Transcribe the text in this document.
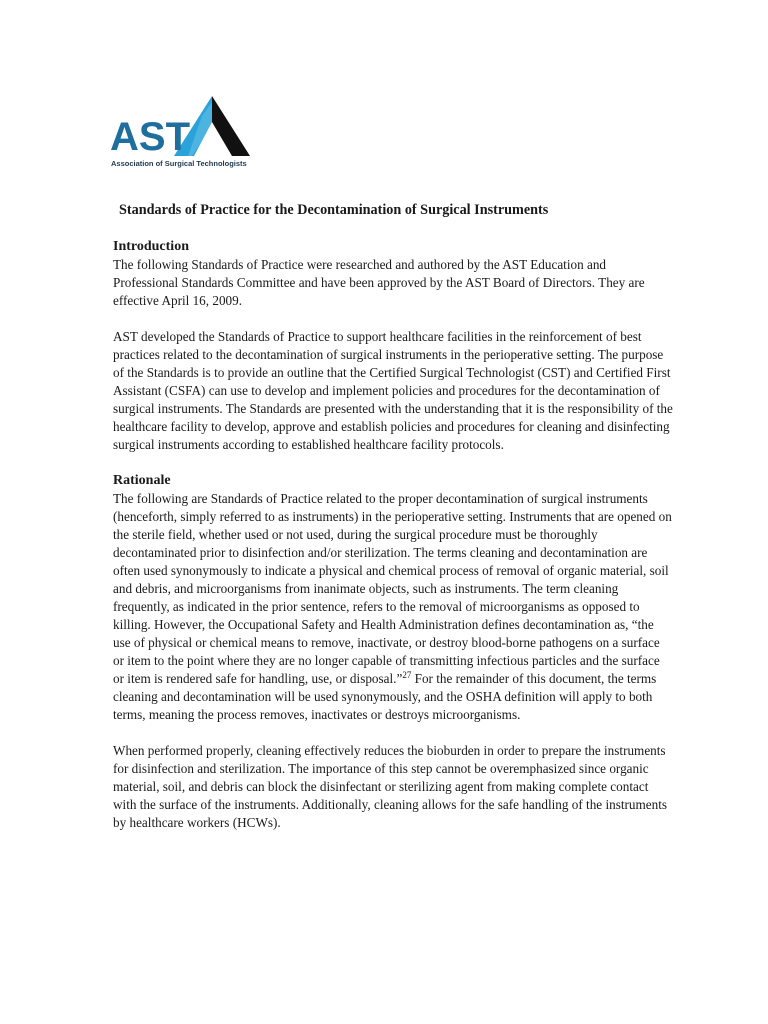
AST
Association of Surgical Technologists
Standards of Practice for the Decontamination of Surgical Instruments
Introduction

The following Standards of Practice were researched and authored by the AST Education and Professional Standards Committee and have been approved by the AST Board of Directors. They are effective April 16, 2009.

AST developed the Standards of Practice to support healthcare facilities in the reinforcement of best practices related to the decontamination of surgical instruments in the perioperative setting. The purpose of the Standards is to provide an outline that the Certified Surgical Technologist (CST) and Certified First Assistant (CSFA) can use to develop and implement policies and procedures for the decontamination of surgical instruments. The Standards are presented with the understanding that it is the responsibility of the healthcare facility to develop, approve and establish policies and procedures for cleaning and disinfecting surgical instruments according to established healthcare facility protocols.

Rationale

The following are Standards of Practice related to the proper decontamination of surgical instruments (henceforth, simply referred to as instruments) in the perioperative setting. Instruments that are opened on the sterile field, whether used or not used, during the surgical procedure must be thoroughly decontaminated prior to disinfection and/or sterilization. The terms cleaning and decontamination are often used synonymously to indicate a physical and chemical process of removal of organic material, soil and debris, and microorganisms from inanimate objects, such as instruments. The term cleaning frequently, as indicated in the prior sentence, refers to the removal of microorganisms as opposed to killing. However, the Occupational Safety and Health Administration defines decontamination as, “the use of physical or chemical means to remove, inactivate, or destroy blood-borne pathogens on a surface or item to the point where they are no longer capable of transmitting infectious particles and the surface or item is rendered safe for handling, use, or disposal.”$^{27}$ For the remainder of this document, the terms cleaning and decontamination will be used synonymously, and the OSHA definition will apply to both terms, meaning the process removes, inactivates or destroys microorganisms.

When performed properly, cleaning effectively reduces the bioburden in order to prepare the instruments for disinfection and sterilization. The importance of this step cannot be overemphasized since organic material, soil, and debris can block the disinfectant or sterilizing agent from making complete contact with the surface of the instruments. Additionally, cleaning allows for the safe handling of the instruments by healthcare workers (HCWs).
